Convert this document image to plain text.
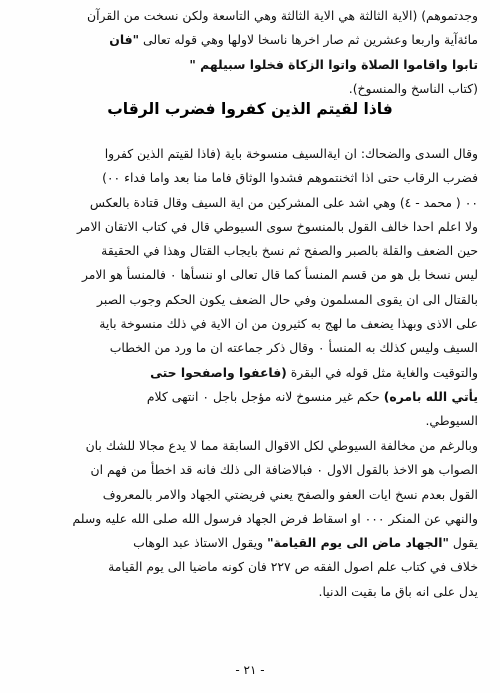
وجدتموهم) (الاية الثالثة هي الاية الثالثة وهي التاسعة ولكن نسخت من القرآن

مائةآية واربعا وعشرين ثم صار اخرها ناسخا لاولها وهي قوله تعالى "فان

تابوا واقاموا الصلاة واتوا الزكاة فخلوا سبيلهم "

(كتاب الناسخ والمنسوخ).

فاذا لقيتم الذين كفروا فضرب الرقاب

وقال السدى والضحاك: ان ايةالسيف منسوخة باية (فاذا لقيتم الذين كفروا

فضرب الرقاب حتى اذا اثخنتموهم فشدوا الوثاق فاما منا بعد واما فداء ٠٠)

٠٠ ( محمد - ٤) وهي اشد على المشركين من اية السيف وقال قتادة بالعكس

ولا اعلم احدا خالف القول بالمنسوخ سوى السيوطي قال في كتاب الاتقان الامر

حين الضعف والقلة بالصبر والصفح ثم نسخ بايجاب القتال وهذا في الحقيقة

ليس نسخا بل هو من قسم المنسأ كما قال تعالى او ننسأها ٠ فالمنسأ هو الامر

بالقتال الى ان يقوى المسلمون وفي حال الضعف يكون الحكم وجوب الصبر

على الاذى وبهذا يضعف ما لهج به كثيرون من ان الاية في ذلك منسوخة باية

السيف وليس كذلك به المنسأ ٠ وقال ذكر جماعته ان ما ورد من الخطاب

والتوقيت والغاية مثل قوله في البقرة (فاعفوا واصفحوا حتى

يأتي الله بامره) حكم غير منسوخ لانه مؤجل باجل ٠ انتهى كلام

السيوطي.

وبالرغم من مخالفة السيوطي لكل الاقوال السابقة مما لا يدع مجالا للشك بان

الصواب هو الاخذ بالقول الاول ٠ فبالاضافة الى ذلك فانه قد اخطأ من فهم ان

القول بعدم نسخ ايات العفو والصفح يعني فريضتي الجهاد والامر بالمعروف

والنهي عن المنكر ٠٠٠ او اسقاط فرض الجهاد فرسول الله صلى الله عليه وسلم

يقول "الجهاد ماض الى يوم القيامة" ويقول الاستاذ عبد الوهاب

خلاف في كتاب علم اصول الفقه ص ٢٢٧ فان كونه ماضيا الى يوم القيامة

يدل على انه باق ما بقيت الدنيا.

- ٢١ -
